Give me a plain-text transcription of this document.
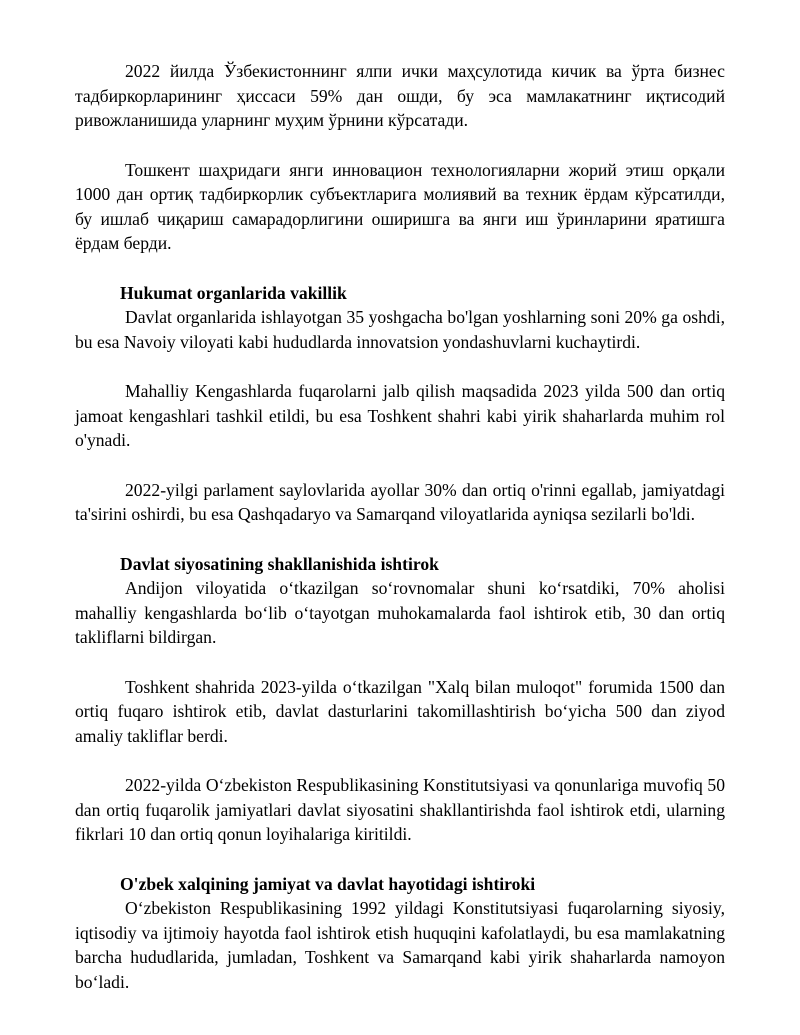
2022 йилда Ўзбекистоннинг ялпи ички маҳсулотида кичик ва ўрта бизнес тадбиркорларининг ҳиссаси 59% дан ошди, бу эса мамлакатнинг иқтисодий ривожланишида уларнинг муҳим ўрнини кўрсатади.

Тошкент шаҳридаги янги инновацион технологияларни жорий этиш орқали 1000 дан ортиқ тадбиркорлик субъектларига молиявий ва техник ёрдам кўрсатилди, бу ишлаб чиқариш самарадорлигини оширишга ва янги иш ўринларини яратишга ёрдам берди.

Hukumat organlarida vakillik

Davlat organlarida ishlayotgan 35 yoshgacha bo'lgan yoshlarning soni 20% ga oshdi, bu esa Navoiy viloyati kabi hududlarda innovatsion yondashuvlarni kuchaytirdi.

Mahalliy Kengashlarda fuqarolarni jalb qilish maqsadida 2023 yilda 500 dan ortiq jamoat kengashlari tashkil etildi, bu esa Toshkent shahri kabi yirik shaharlarda muhim rol o'ynadi.

2022-yilgi parlament saylovlarida ayollar 30% dan ortiq o'rinni egallab, jamiyatdagi ta'sirini oshirdi, bu esa Qashqadaryo va Samarqand viloyatlarida ayniqsa sezilarli bo'ldi.

Davlat siyosatining shakllanishida ishtirok

Andijon viloyatida oʻtkazilgan soʻrovnomalar shuni koʻrsatdiki, 70% aholisi mahalliy kengashlarda boʻlib oʻtayotgan muhokamalarda faol ishtirok etib, 30 dan ortiq takliflarni bildirgan.

Toshkent shahrida 2023-yilda oʻtkazilgan "Xalq bilan muloqot" forumida 1500 dan ortiq fuqaro ishtirok etib, davlat dasturlarini takomillashtirish boʻyicha 500 dan ziyod amaliy takliflar berdi.

2022-yilda Oʻzbekiston Respublikasining Konstitutsiyasi va qonunlariga muvofiq 50 dan ortiq fuqarolik jamiyatlari davlat siyosatini shakllantirishda faol ishtirok etdi, ularning fikrlari 10 dan ortiq qonun loyihalariga kiritildi.

O'zbek xalqining jamiyat va davlat hayotidagi ishtiroki

Oʻzbekiston Respublikasining 1992 yildagi Konstitutsiyasi fuqarolarning siyosiy, iqtisodiy va ijtimoiy hayotda faol ishtirok etish huquqini kafolatlaydi, bu esa mamlakatning barcha hududlarida, jumladan, Toshkent va Samarqand kabi yirik shaharlarda namoyon boʻladi.
